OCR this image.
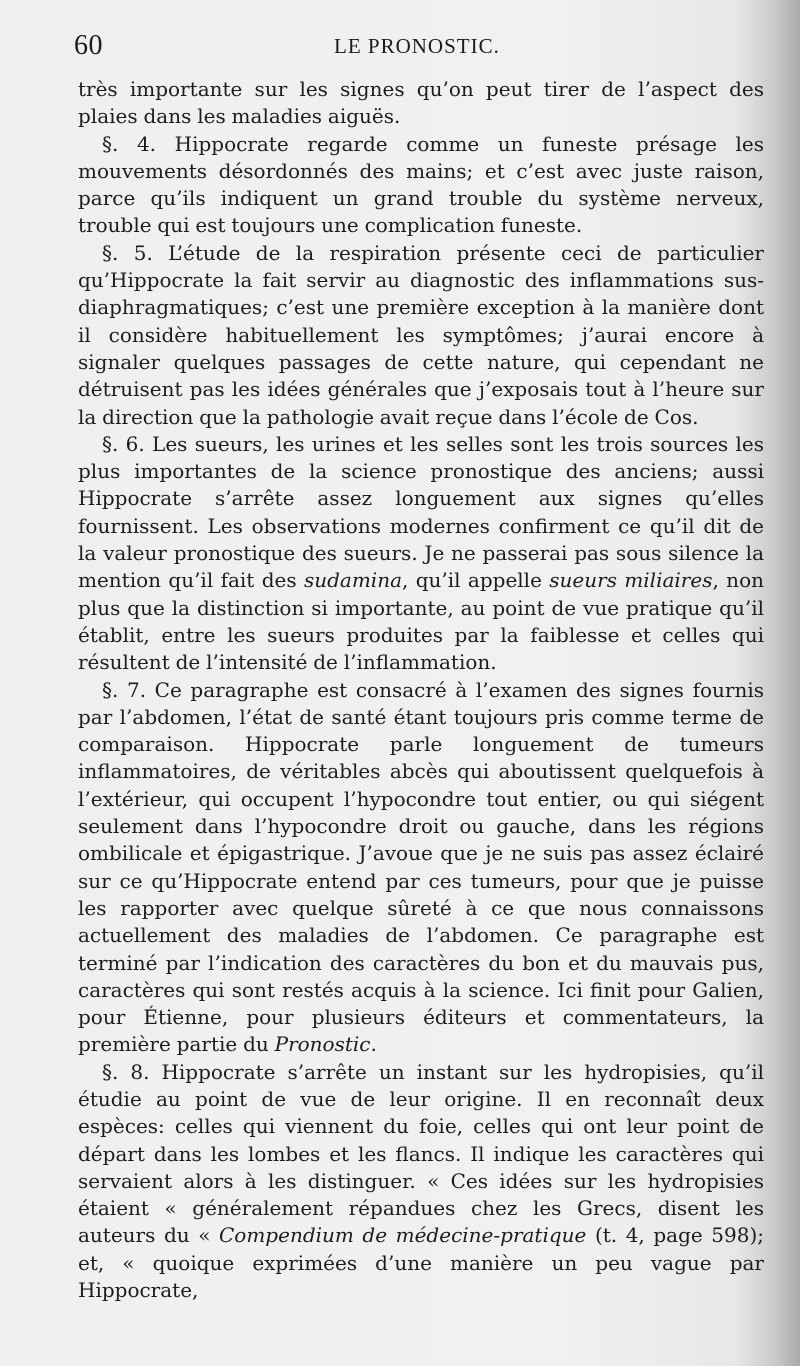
60	LE PRONOSTIC.

très importante sur les signes qu’on peut tirer de l’aspect des plaies dans les maladies aiguës.

§. 4. Hippocrate regarde comme un funeste présage les mouvements désordonnés des mains; et c’est avec juste raison, parce qu’ils indiquent un grand trouble du système nerveux, trouble qui est toujours une complication funeste.

§. 5. L’étude de la respiration présente ceci de particulier qu’Hippocrate la fait servir au diagnostic des inflammations sus-diaphragmatiques; c’est une première exception à la manière dont il considère habituellement les symptômes; j’aurai encore à signaler quelques passages de cette nature, qui cependant ne détruisent pas les idées générales que j’exposais tout à l’heure sur la direction que la pathologie avait reçue dans l’école de Cos.

§. 6. Les sueurs, les urines et les selles sont les trois sources les plus importantes de la science pronostique des anciens; aussi Hippocrate s’arrête assez longuement aux signes qu’elles fournissent. Les observations modernes confirment ce qu’il dit de la valeur pronostique des sueurs. Je ne passerai pas sous silence la mention qu’il fait des sudamina, qu’il appelle sueurs miliaires, non plus que la distinction si importante, au point de vue pratique qu’il établit, entre les sueurs produites par la faiblesse et celles qui résultent de l’intensité de l’inflammation.

§. 7. Ce paragraphe est consacré à l’examen des signes fournis par l’abdomen, l’état de santé étant toujours pris comme terme de comparaison. Hippocrate parle longuement de tumeurs inflammatoires, de véritables abcès qui aboutissent quelquefois à l’extérieur, qui occupent l’hypocondre tout entier, ou qui siégent seulement dans l’hypocondre droit ou gauche, dans les régions ombilicale et épigastrique. J’avoue que je ne suis pas assez éclairé sur ce qu’Hippocrate entend par ces tumeurs, pour que je puisse les rapporter avec quelque sûreté à ce que nous connaissons actuellement des maladies de l’abdomen. Ce paragraphe est terminé par l’indication des caractères du bon et du mauvais pus, caractères qui sont restés acquis à la science. Ici finit pour Galien, pour Étienne, pour plusieurs éditeurs et commentateurs, la première partie du Pronostic.

§. 8. Hippocrate s’arrête un instant sur les hydropisies, qu’il étudie au point de vue de leur origine. Il en reconnaît deux espèces: celles qui viennent du foie, celles qui ont leur point de départ dans les lombes et les flancs. Il indique les caractères qui servaient alors à les distinguer. « Ces idées sur les hydropisies étaient « généralement répandues chez les Grecs, disent les auteurs du « Compendium de médecine-pratique (t. 4, page 598); et, « quoique exprimées d’une manière un peu vague par Hippocrate,
